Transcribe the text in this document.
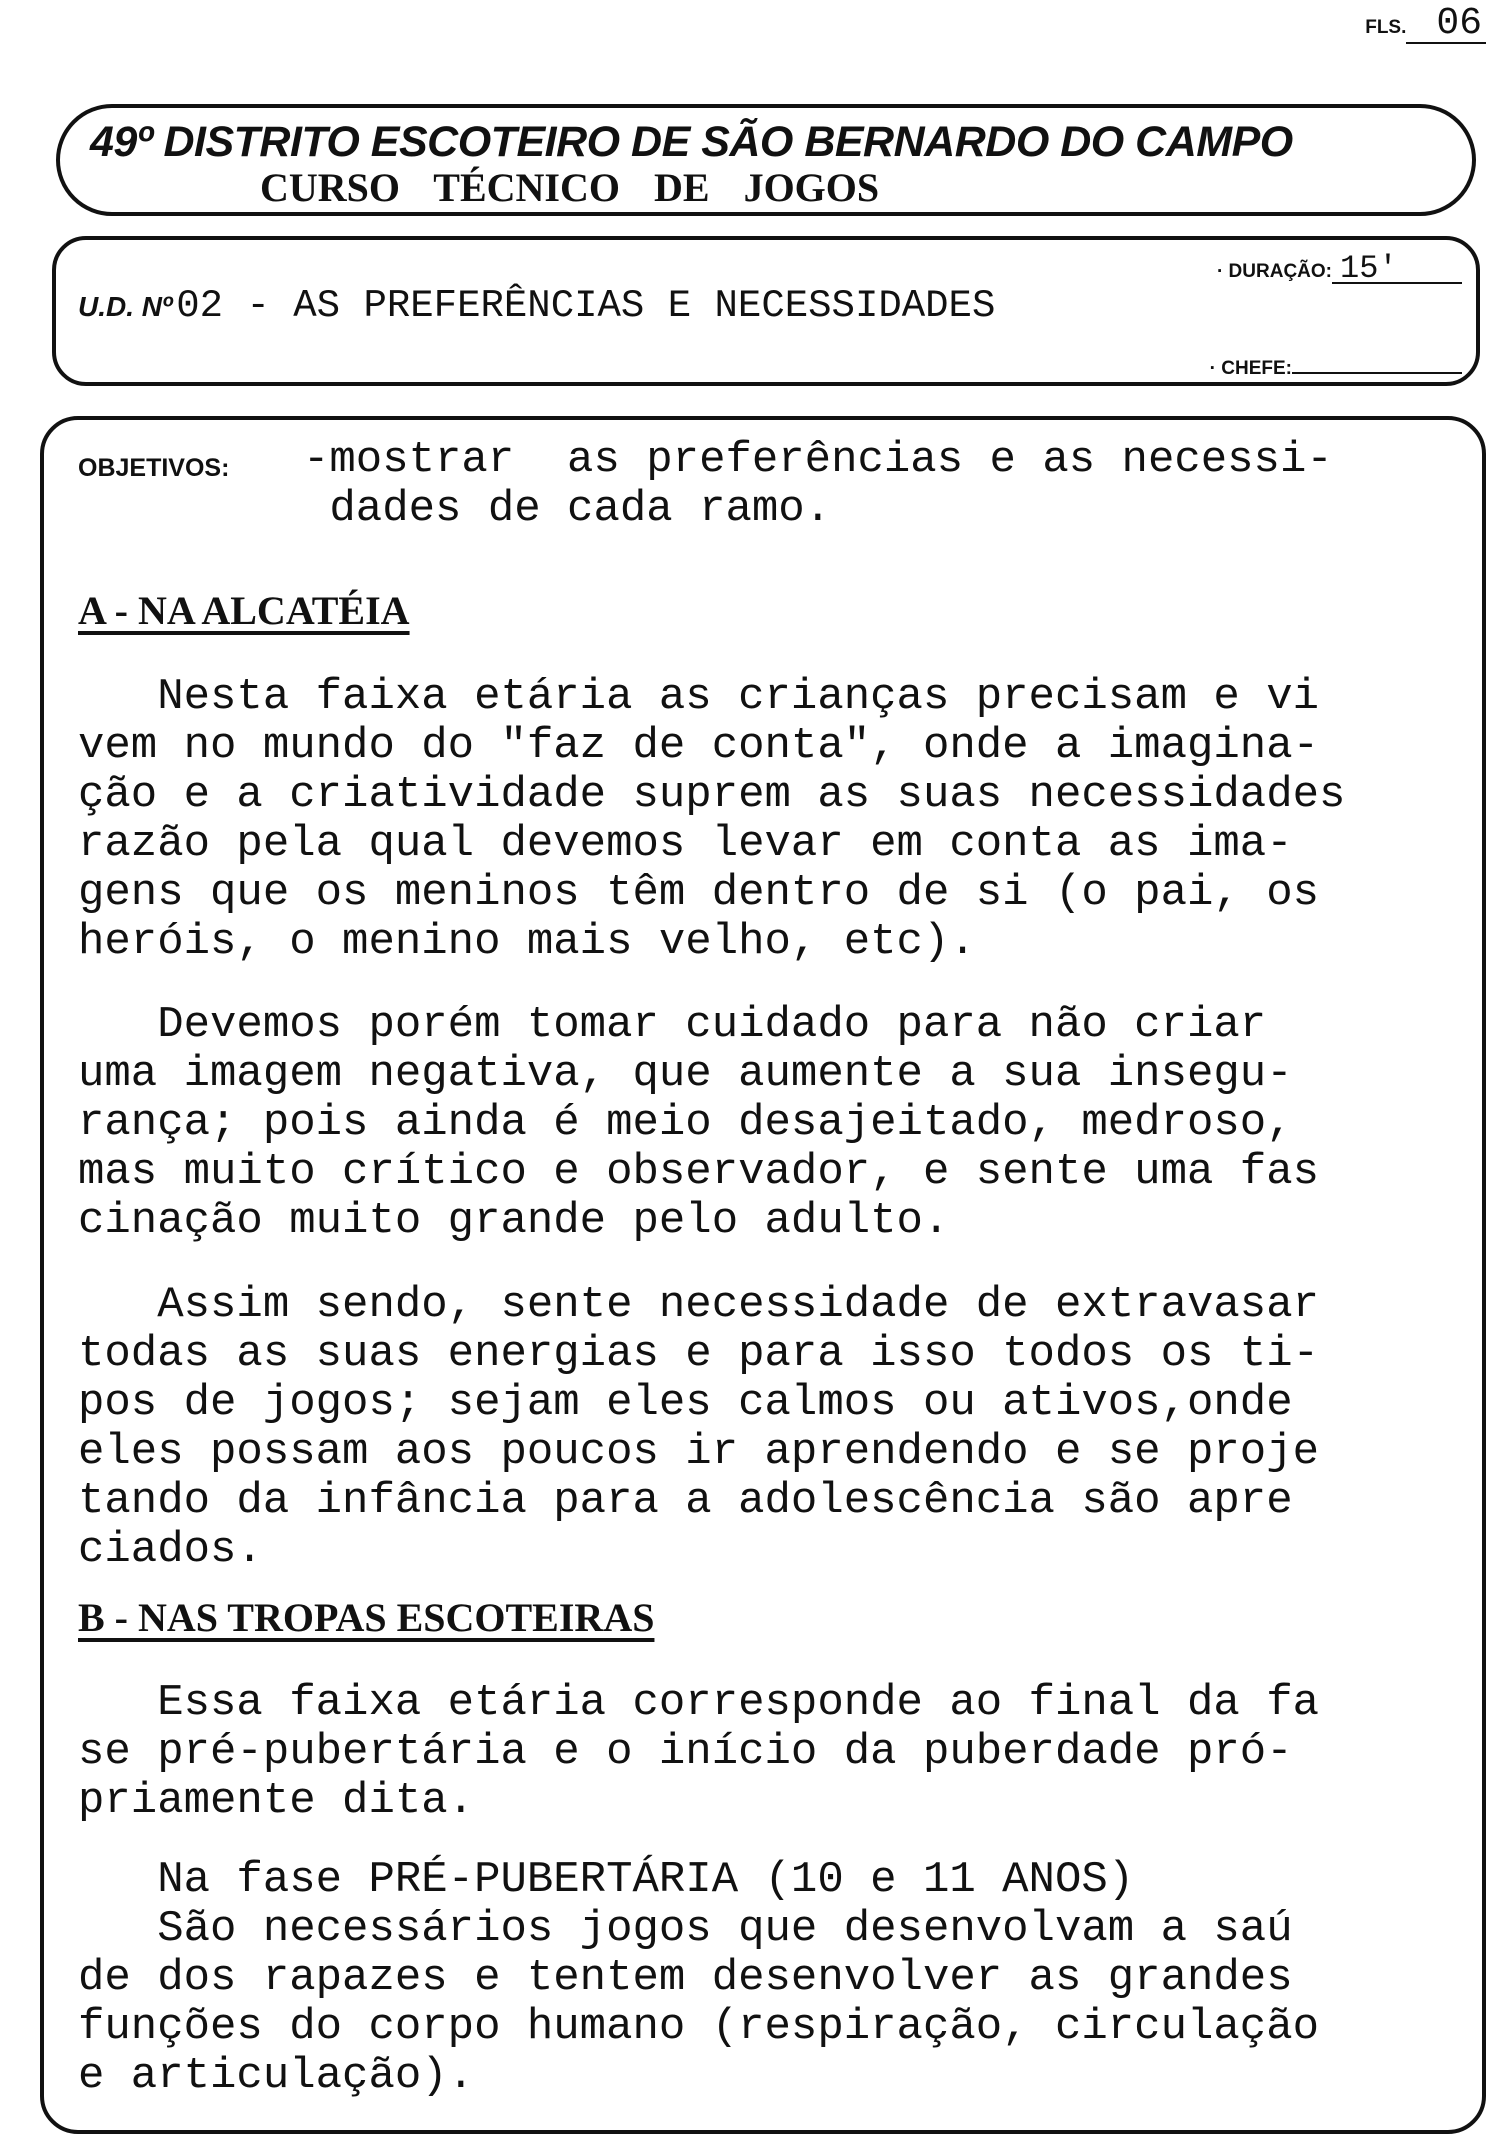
FLS. 06
49º DISTRITO ESCOTEIRO DE SÃO BERNARDO DO CAMPO
CURSO TÉCNICO DE JOGOS
· DURAÇÃO: 15'
U.D. Nº 02 - AS PREFERÊNCIAS E NECESSIDADES
· CHEFE:
OBJETIVOS:	-mostrar  as preferências e as necessi-
dades de cada ramo.
A - NA ALCATÉIA
Nesta faixa etária as crianças precisam e vi
vem no mundo do "faz de conta", onde a imagina-
ção e a criatividade suprem as suas necessidades
razão pela qual devemos levar em conta as ima-
gens que os meninos têm dentro de si (o pai, os
heróis, o menino mais velho, etc).
Devemos porém tomar cuidado para não criar
uma imagem negativa, que aumente a sua insegu-
rança; pois ainda é meio desajeitado, medroso,
mas muito crítico e observador, e sente uma fas
cinação muito grande pelo adulto.
Assim sendo, sente necessidade de extravasar
todas as suas energias e para isso todos os ti-
pos de jogos; sejam eles calmos ou ativos,onde
eles possam aos poucos ir aprendendo e se proje
tando da infância para a adolescência são apre
ciados.
B - NAS TROPAS ESCOTEIRAS
Essa faixa etária corresponde ao final da fa
se pré-pubertária e o início da puberdade pró-
priamente dita.
Na fase PRÉ-PUBERTÁRIA (10 e 11 ANOS)
São necessários jogos que desenvolvam a saú
de dos rapazes e tentem desenvolver as grandes
funções do corpo humano (respiração, circulação
e articulação).
